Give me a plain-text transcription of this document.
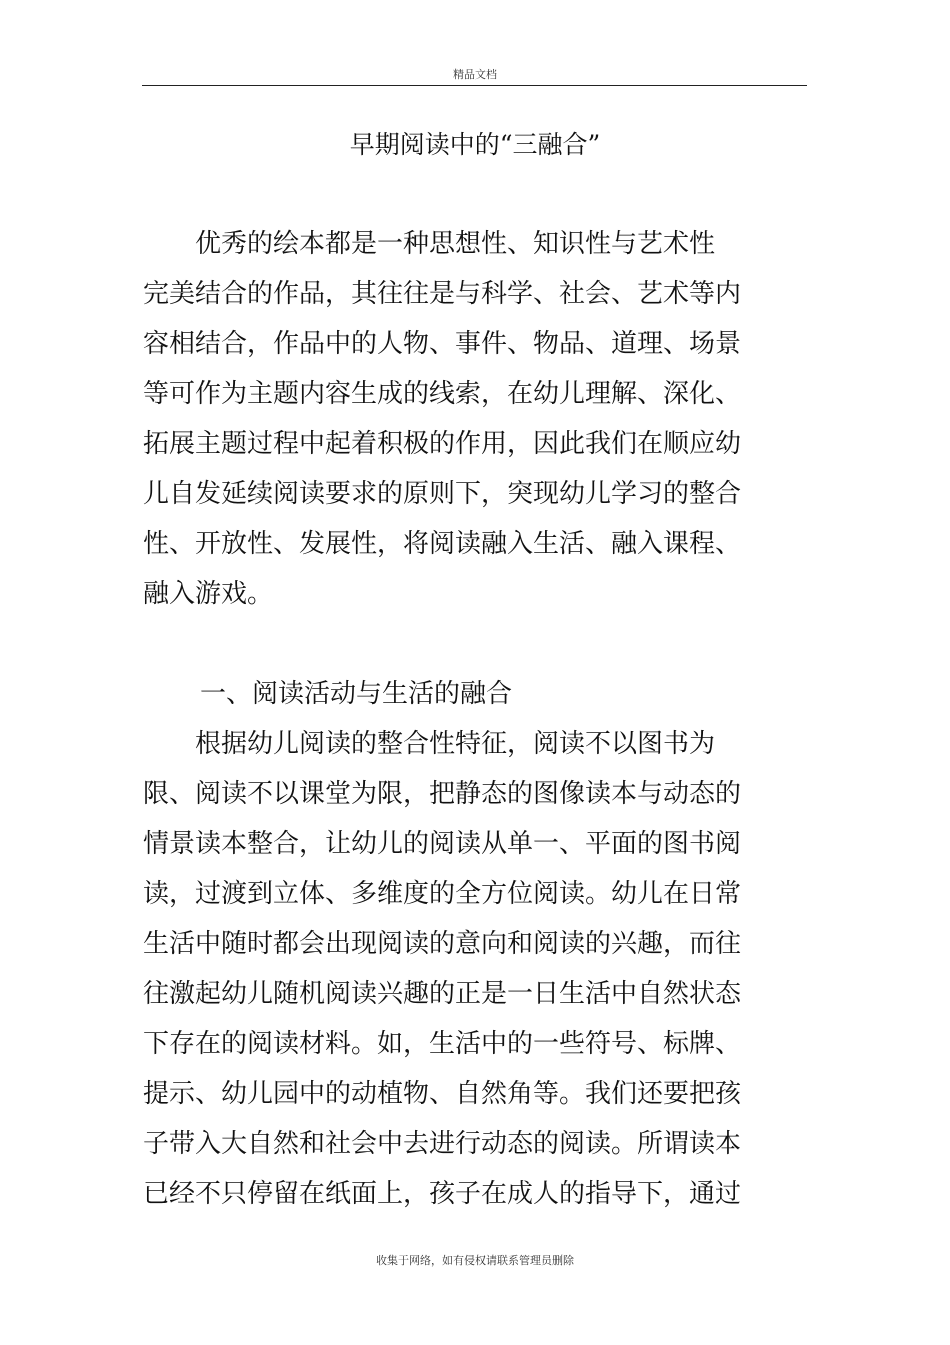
精品文档
早期阅读中的“三融合”

　　优秀的绘本都是一种思想性、知识性与艺术性

完美结合的作品，其往往是与科学、社会、艺术等内

容相结合，作品中的人物、事件、物品、道理、场景

等可作为主题内容生成的线索，在幼儿理解、深化、

拓展主题过程中起着积极的作用，因此我们在顺应幼

儿自发延续阅读要求的原则下，突现幼儿学习的整合

性、开放性、发展性，将阅读融入生活、融入课程、

融入游戏。

一、阅读活动与生活的融合

　　根据幼儿阅读的整合性特征，阅读不以图书为

限、阅读不以课堂为限，把静态的图像读本与动态的

情景读本整合，让幼儿的阅读从单一、平面的图书阅

读，过渡到立体、多维度的全方位阅读。幼儿在日常

生活中随时都会出现阅读的意向和阅读的兴趣，而往

往激起幼儿随机阅读兴趣的正是一日生活中自然状态

下存在的阅读材料。如，生活中的一些符号、标牌、

提示、幼儿园中的动植物、自然角等。我们还要把孩

子带入大自然和社会中去进行动态的阅读。所谓读本

已经不只停留在纸面上，孩子在成人的指导下，通过

收集于网络，如有侵权请联系管理员删除
